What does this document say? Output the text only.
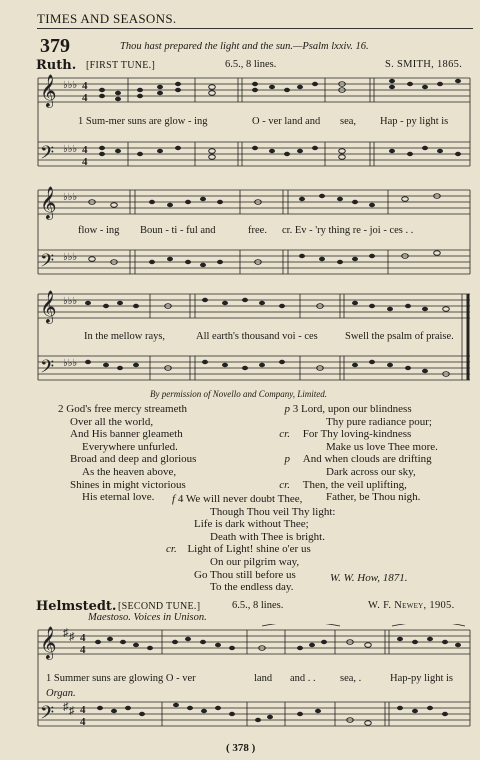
TIMES AND SEASONS.
379	Thou hast prepared the light and the sun.—Psalm lxxiv. 16.
Ruth. [FIRST TUNE.]	6.5., 8 lines.	S. SMITH, 1865.
𝄞
𝄢
♭♭♭
♭♭♭
4
4
4
4
1 Sum-mer suns are glow - ing	O - ver land and sea, Hap - py light is
𝄞
𝄢
♭♭♭
♭♭♭
flow - ing Boun - ti - ful and	free. cr. Ev - 'ry thing re - joi - ces . .
𝄞
𝄢
♭♭♭
♭♭♭
In the mellow rays,	All earth's thousand voi - ces	Swell the psalm of praise.
By permission of Novello and Company, Limited.
2 God's free mercy streameth
Over all the world,
And His banner gleameth
Everywhere unfurled.
Broad and deep and glorious
As the heaven above,
Shines in might victorious
His eternal love.
p 3 Lord, upon our blindness
Thy pure radiance pour;
cr. For Thy loving-kindness
Make us love Thee more.
p And when clouds are drifting
Dark across our sky,
cr. Then, the veil uplifting,
Father, be Thou nigh.
f 4 We will never doubt Thee,
Though Thou veil Thy light:
Life is dark without Thee;
Death with Thee is bright.
cr. Light of Light! shine o'er us
On our pilgrim way,
Go Thou still before us
To the endless day.
W. W. How, 1871.
Helmstedt. [SECOND TUNE.]	6.5., 8 lines.	W. F. Newey, 1905.
Maestoso. Voices in Unison.
𝄞
𝄢
♯ ♯
♯ ♯
4
4
4
4
1 Summer suns are glowing O - ver	land and . . sea, .	Hap-py light is
Organ.
( 378 )
